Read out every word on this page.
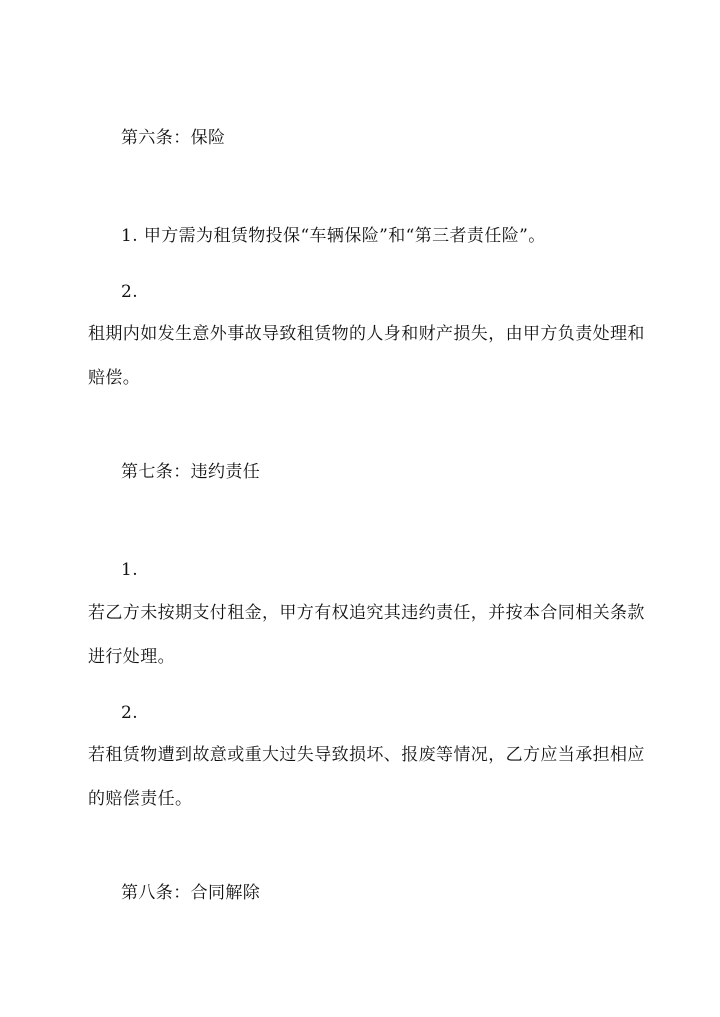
第六条：保险
1. 甲方需为租赁物投保“车辆保险”和“第三者责任险”。
2.
租期内如发生意外事故导致租赁物的人身和财产损失，由甲方负责处理和
赔偿。
第七条：违约责任
1.
若乙方未按期支付租金，甲方有权追究其违约责任，并按本合同相关条款
进行处理。
2.
若租赁物遭到故意或重大过失导致损坏、报废等情况，乙方应当承担相应
的赔偿责任。
第八条：合同解除
